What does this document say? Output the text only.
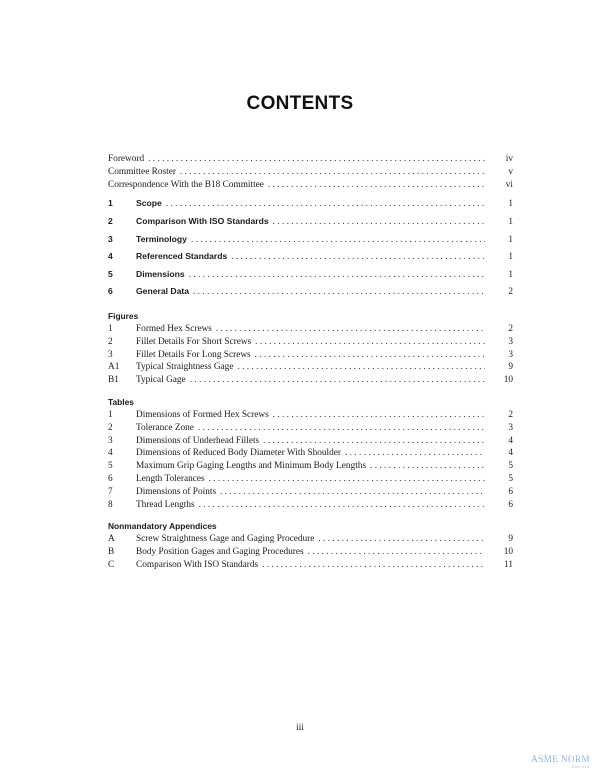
CONTENTS
Foreword . . .	iv
Committee Roster . . .	v
Correspondence With the B18 Committee . . .	vi
1	Scope . . .	1
2	Comparison With ISO Standards . . .	1
3	Terminology . . .	1
4	Referenced Standards . . .	1
5	Dimensions . . .	1
6	General Data . . .	2
Figures
1	Formed Hex Screws . . .	2
2	Fillet Details For Short Screws . . .	3
3	Fillet Details For Long Screws . . .	3
A1	Typical Straightness Gage . . .	9
B1	Typical Gage . . .	10
Tables
1	Dimensions of Formed Hex Screws . . .	2
2	Tolerance Zone . . .	3
3	Dimensions of Underhead Fillets . . .	4
4	Dimensions of Reduced Body Diameter With Shoulder . . .	4
5	Maximum Grip Gaging Lengths and Minimum Body Lengths . . .	5
6	Length Tolerances . . .	5
7	Dimensions of Points . . .	6
8	Thread Lengths . . .	6
Nonmandatory Appendices
A	Screw Straightness Gage and Gaging Procedure . . .	9
B	Body Position Gages and Gaging Procedures . . .	10
C	Comparison With ISO Standards . . .	11
iii
ASME NORM
ONLINE
